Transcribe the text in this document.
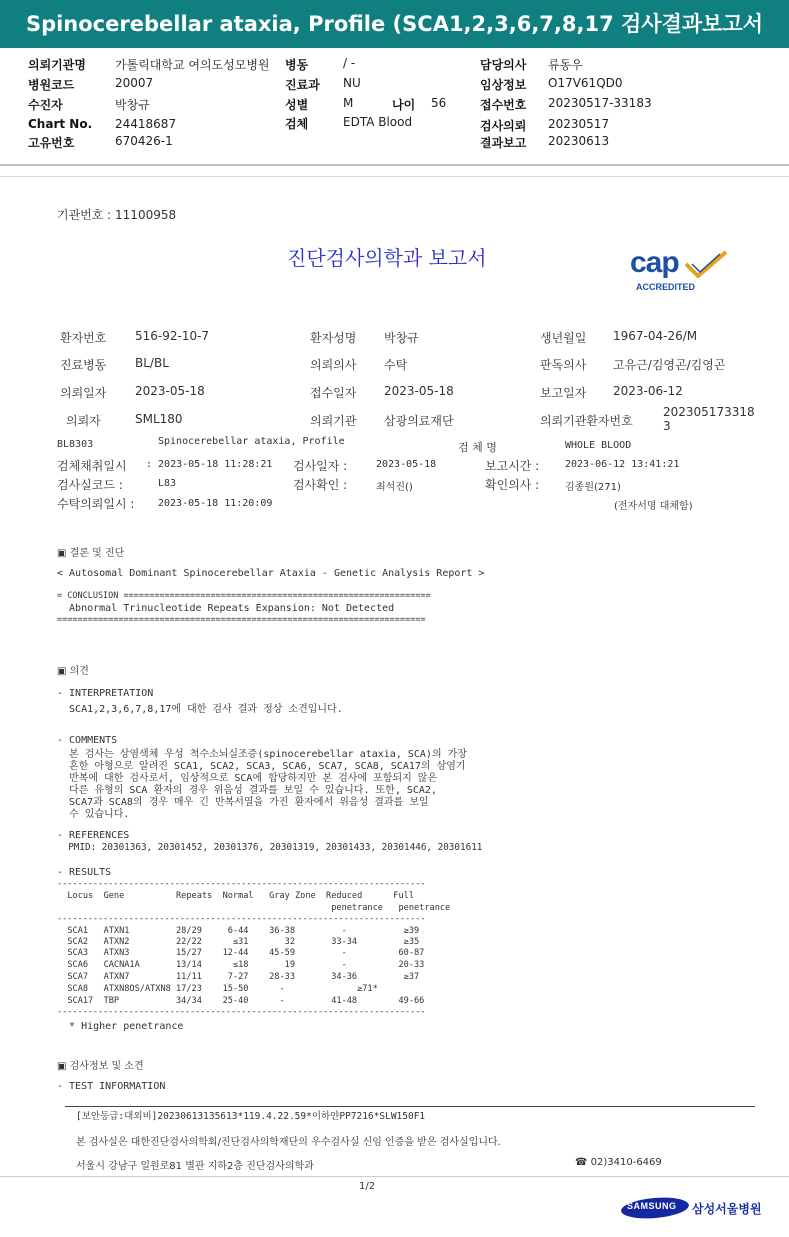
Spinocerebellar ataxia, Profile (SCA1,2,3,6,7,8,17 검사결과보고서
의뢰기관명 가톨릭대학교 여의도성모병원 병동	/ -	담당의사 류동우
병원코드	20007	진료과 NU	임상정보 O17V61QD0
수진자	박창규	성별	M	나이 56	접수번호 20230517-33183
Chart No. 24418687	검체	EDTA Blood	검사의뢰 20230517
고유번호	670426-1	결과보고 20230613
기관번호 : 11100958
진단검사의학과 보고서	cap
ACCREDITED
환자번호 516-92-10-7	환자성명 박창규	생년월일 1967-04-26/M
진료병동 BL/BL	의뢰의사 수탁	판독의사 고유근/김영곤/김영곤
의뢰일자 2023-05-18	접수일자 2023-05-18	보고일자 2023-06-12
의뢰자	SML180	의뢰기관 삼광의료재단	의뢰기관환자번호
202305173318
3
BL8303	Spinocerebellar ataxia, Profile	검 체 명	WHOLE BLOOD
검체채취일시 : 2023-05-18 11:28:21 검사일자 :	2023-05-18	보고시간 :	2023-06-12 13:41:21
검사실코드 :	L83	검사확인 :	최석진()	확인의사 :	김종원(271)
수탁의뢰일시 : 2023-05-18 11:20:09	(전자서명 대체함)
▣ 결론 및 진단
< Autosomal Dominant Spinocerebellar Ataxia - Genetic Analysis Report >
= CONCLUSION ============================================================
Abnormal Trinucleotide Repeats Expansion: Not Detected
========================================================================
▣ 의견
- INTERPRETATION
SCA1,2,3,6,7,8,17에 대한 검사 결과 정상 소견입니다.
- COMMENTS
본 검사는 상염색체 우성 척수소뇌실조증(spinocerebellar ataxia, SCA)의 가장
흔한 아형으로 알려진 SCA1, SCA2, SCA3, SCA6, SCA7, SCA8, SCA17의 삼염기
반복에 대한 검사로서, 임상적으로 SCA에 합당하지만 본 검사에 포함되지 않은
다른 유형의 SCA 환자의 경우 위음성 결과를 보일 수 있습니다. 또한, SCA2,
SCA7과 SCA8의 경우 매우 긴 반복서열을 가진 환자에서 위음성 결과를 보일
수 있습니다.
- REFERENCES
PMID: 20301363, 20301452, 20301376, 20301319, 20301433, 20301446, 20301611
- RESULTS
------------------------------------------------------------------------
Locus  Gene          Repeats  Normal   Gray Zone  Reduced      Full
penetrance   penetrance
------------------------------------------------------------------------
SCA1   ATXN1         28/29     6-44    36-38         -           ≥39
SCA2   ATXN2         22/22      ≤31       32       33-34         ≥35
SCA3   ATXN3         15/27    12-44    45-59         -          60-87
SCA6   CACNA1A       13/14      ≤18       19         -          20-33
SCA7   ATXN7         11/11     7-27    28-33       34-36         ≥37
SCA8   ATXN8OS/ATXN8 17/23    15-50      -              ≥71*
SCA17  TBP           34/34    25-40      -         41-48        49-66
------------------------------------------------------------------------
* Higher penetrance
▣ 검사정보 및 소견
- TEST INFORMATION
[보안등급:대외비]20230613135613*119.4.22.59*이하얀PP7216*SLW150F1
본 검사실은 대한진단검사의학회/진단검사의학재단의 우수검사실 신임 인증을 받은 검사실입니다.
서울시 강남구 일원로81 별관 지하2층 진단검사의학과	☎ 02)3410-6469
1/2
SAMSUNG 삼성서울병원
